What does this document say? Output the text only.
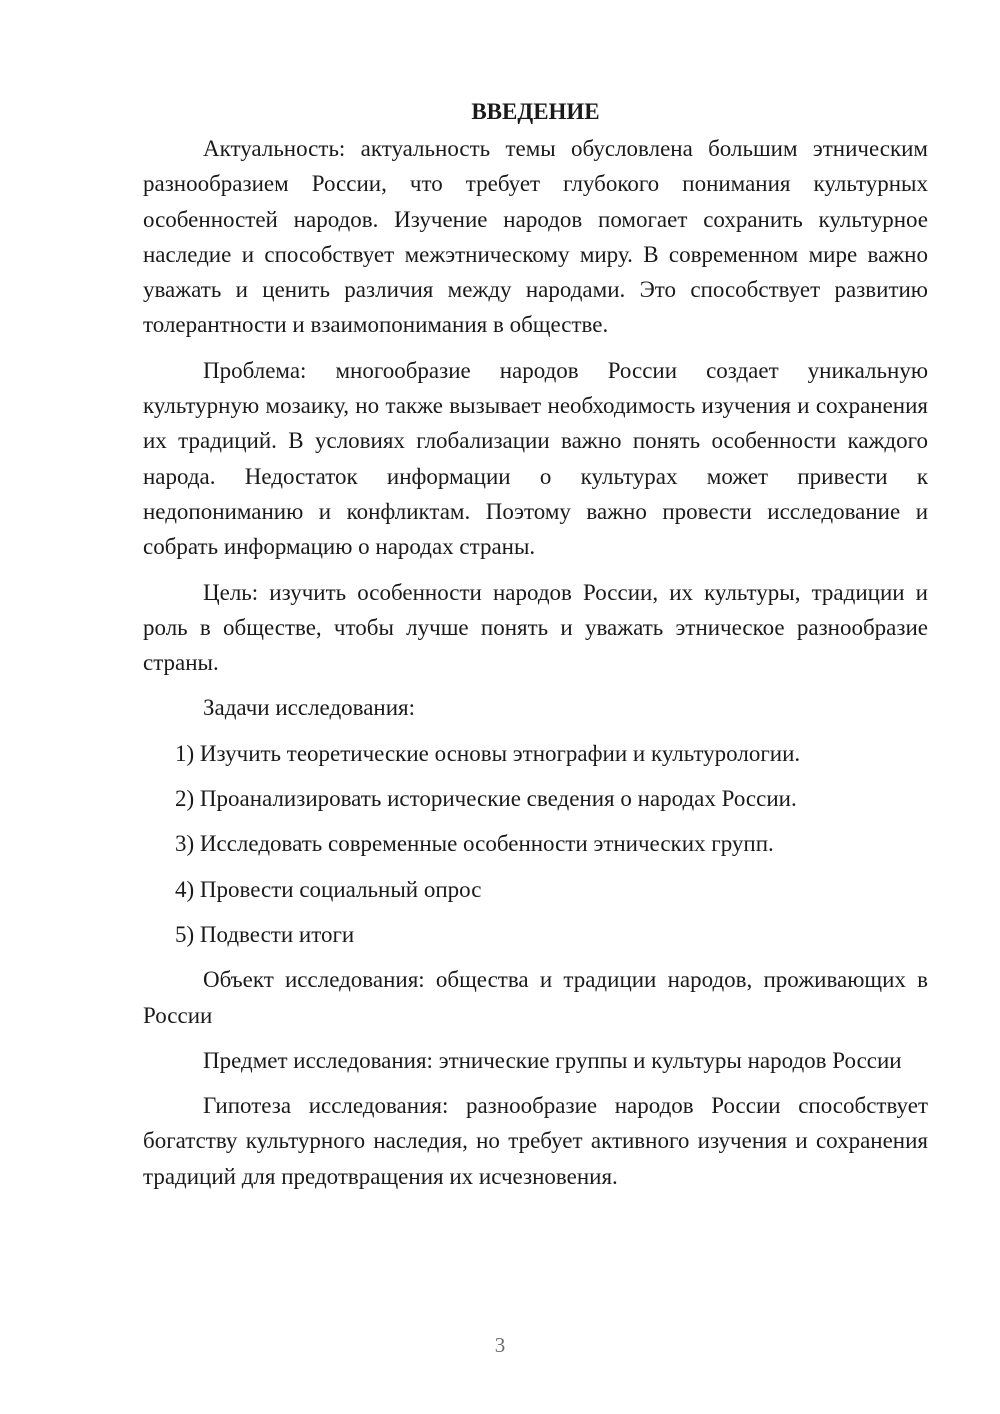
ВВЕДЕНИЕ

Актуальность: актуальность темы обусловлена большим этническим разнообразием России, что требует глубокого понимания культурных особенностей народов. Изучение народов помогает сохранить культурное наследие и способствует межэтническому миру. В современном мире важно уважать и ценить различия между народами. Это способствует развитию толерантности и взаимопонимания в обществе.

Проблема: многообразие народов России создает уникальную культурную мозаику, но также вызывает необходимость изучения и сохранения их традиций. В условиях глобализации важно понять особенности каждого народа. Недостаток информации о культурах может привести к недопониманию и конфликтам. Поэтому важно провести исследование и собрать информацию о народах страны.

Цель: изучить особенности народов России, их культуры, традиции и роль в обществе, чтобы лучше понять и уважать этническое разнообразие страны.

Задачи исследования:

1) Изучить теоретические основы этнографии и культурологии.
2) Проанализировать исторические сведения о народах России.
3) Исследовать современные особенности этнических групп.
4) Провести социальный опрос
5) Подвести итоги

Объект исследования: общества и традиции народов, проживающих в России

Предмет исследования: этнические группы и культуры народов России

Гипотеза исследования: разнообразие народов России способствует богатству культурного наследия, но требует активного изучения и сохранения традиций для предотвращения их исчезновения.

3
